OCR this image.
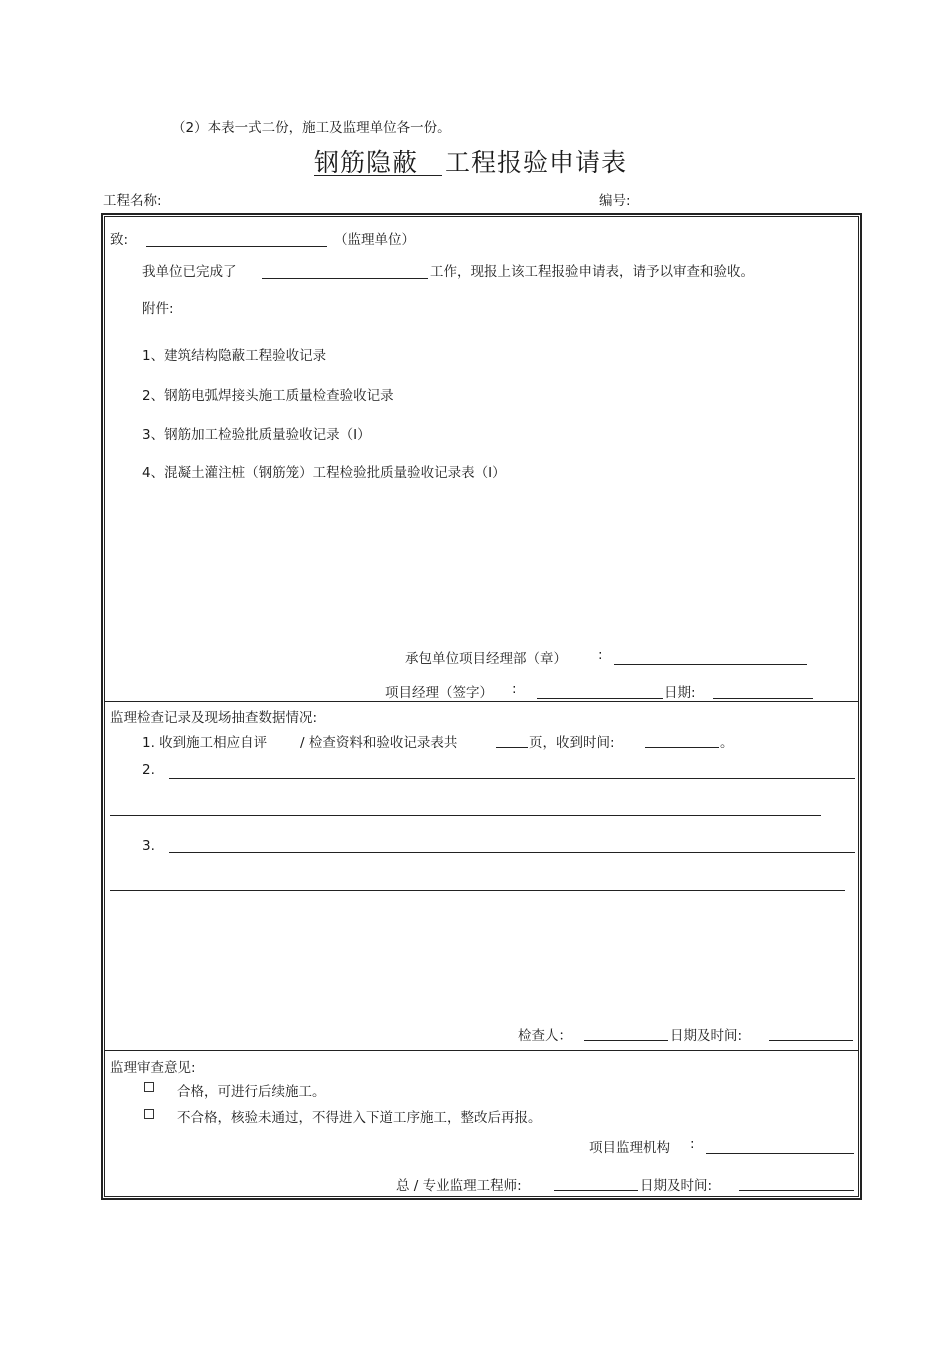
（2）本表一式二份，施工及监理单位各一份。
钢筋隐蔽 工程报验申请表
工程名称:	编号:
致:	（监理单位）
我单位已完成了	工作，现报上该工程报验申请表，请予以审查和验收。
附件:
1、建筑结构隐蔽工程验收记录
2、钢筋电弧焊接头施工质量检查验收记录
3、钢筋加工检验批质量验收记录（Ⅰ）
4、混凝土灌注桩（钢筋笼）工程检验批质量验收记录表（Ⅰ）
承包单位项目经理部（章） :
项目经理（签字） :	日期:
监理检查记录及现场抽查数据情况:
1. 收到施工相应自评 / 检查资料和验收记录表共	页，收到时间:	。
2.
3.
检查人：	日期及时间:
监理审查意见:
合格，可进行后续施工。
不合格，核验未通过，不得进入下道工序施工，整改后再报。
项目监理机构 :
总 / 专业监理工程师:	日期及时间:
